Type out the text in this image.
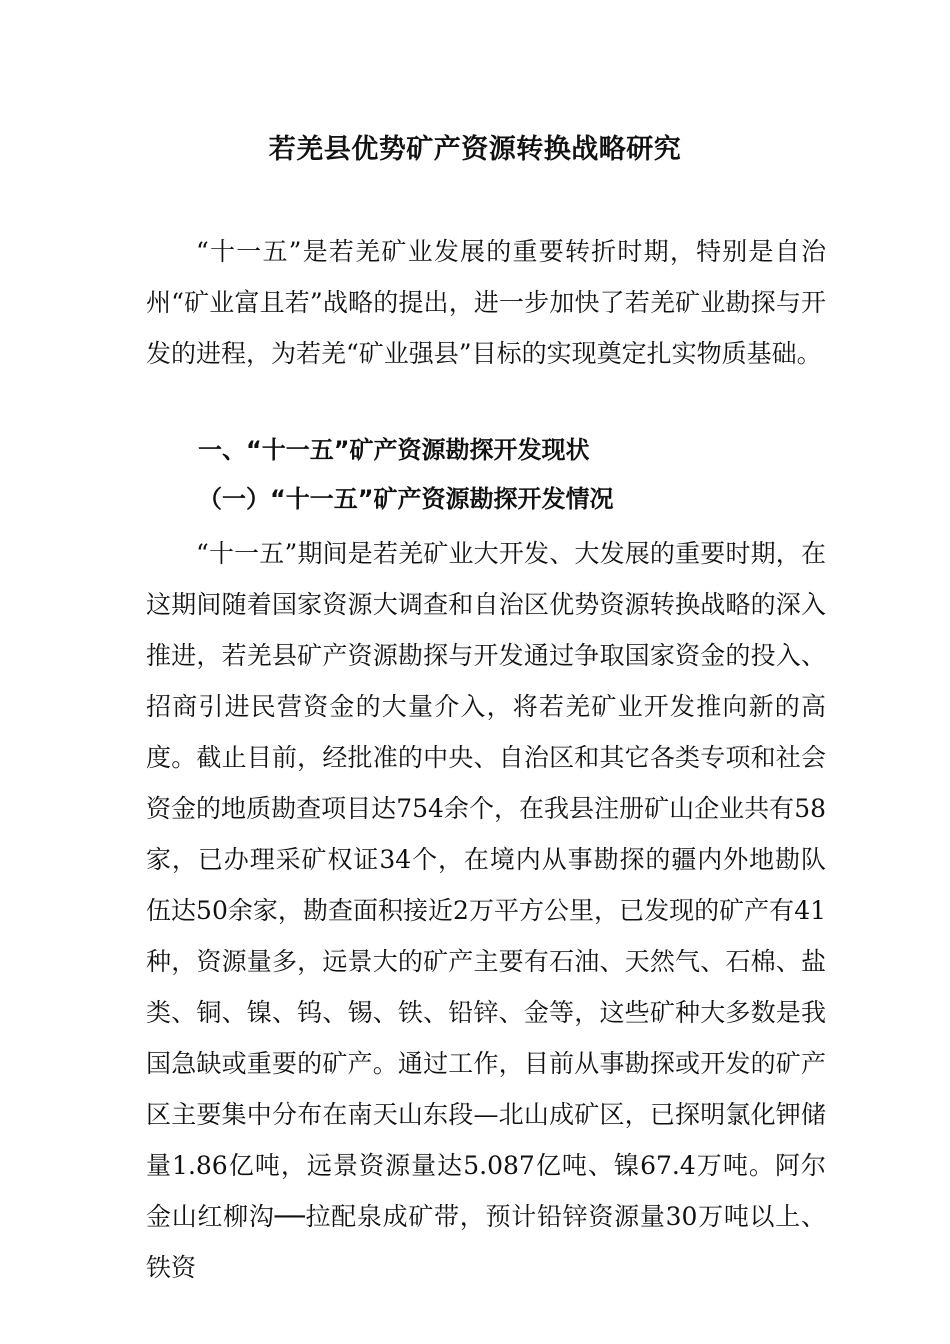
若羌县优势矿产资源转换战略研究

“十一五”是若羌矿业发展的重要转折时期，特别是自治州“矿业富且若”战略的提出，进一步加快了若羌矿业勘探与开发的进程，为若羌“矿业强县”目标的实现奠定扎实物质基础。

一、“十一五”矿产资源勘探开发现状
（一）“十一五”矿产资源勘探开发情况

“十一五”期间是若羌矿业大开发、大发展的重要时期，在这期间随着国家资源大调查和自治区优势资源转换战略的深入推进，若羌县矿产资源勘探与开发通过争取国家资金的投入、招商引进民营资金的大量介入，将若羌矿业开发推向新的高度。截止目前，经批准的中央、自治区和其它各类专项和社会资金的地质勘查项目达754余个，在我县注册矿山企业共有58家，已办理采矿权证34个，在境内从事勘探的疆内外地勘队伍达50余家，勘查面积接近2万平方公里，已发现的矿产有41种，资源量多，远景大的矿产主要有石油、天然气、石棉、盐类、铜、镍、钨、锡、铁、铅锌、金等，这些矿种大多数是我国急缺或重要的矿产。通过工作，目前从事勘探或开发的矿产区主要集中分布在南天山东段—北山成矿区，已探明氯化钾储量1.86亿吨，远景资源量达5.087亿吨、镍67.4万吨。阿尔金山红柳沟──拉配泉成矿带，预计铅锌资源量30万吨以上、铁资
